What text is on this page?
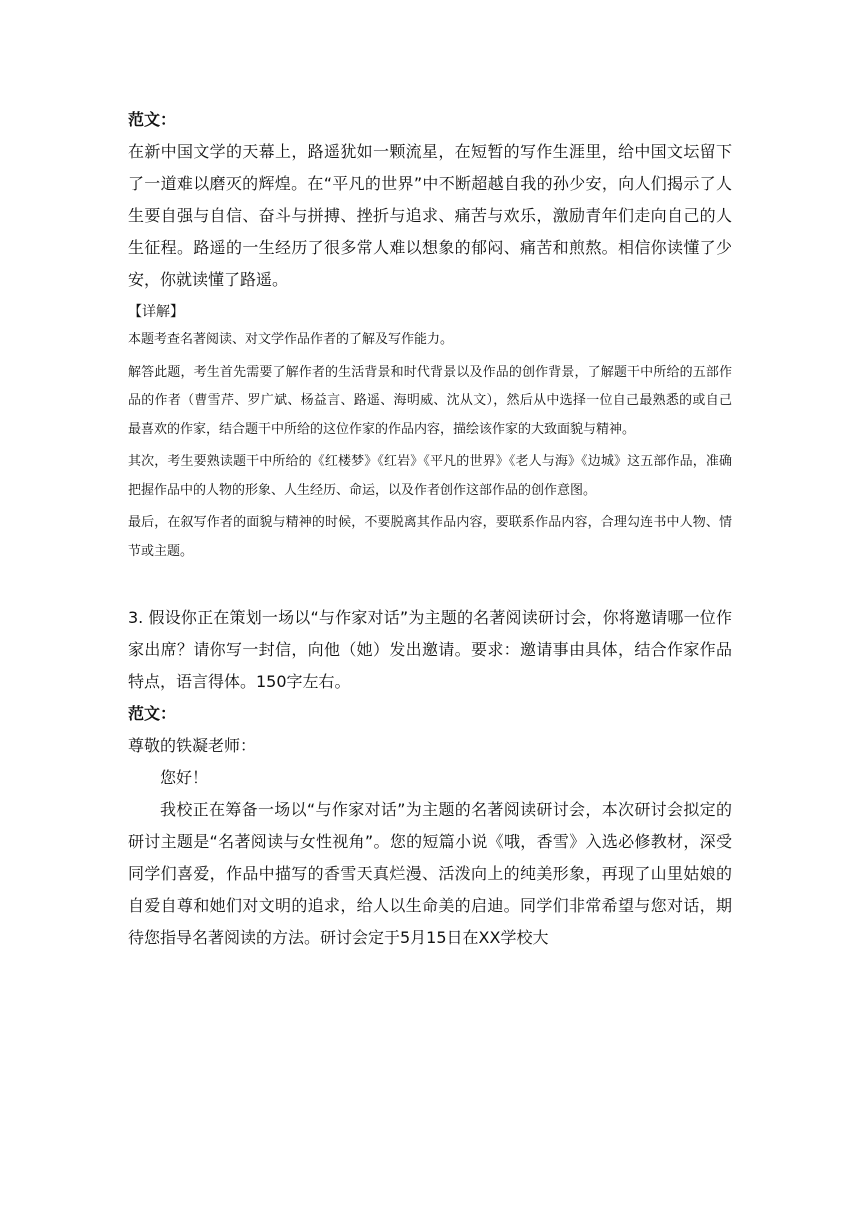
范文：

在新中国文学的天幕上，路遥犹如一颗流星，在短暂的写作生涯里，给中国文坛留下了一道难以磨灭的辉煌。在“平凡的世界”中不断超越自我的孙少安，向人们揭示了人生要自强与自信、奋斗与拼搏、挫折与追求、痛苦与欢乐，激励青年们走向自己的人生征程。路遥的一生经历了很多常人难以想象的郁闷、痛苦和煎熬。相信你读懂了少安，你就读懂了路遥。

【详解】

本题考查名著阅读、对文学作品作者的了解及写作能力。

解答此题，考生首先需要了解作者的生活背景和时代背景以及作品的创作背景，了解题干中所给的五部作品的作者（曹雪芹、罗广斌、杨益言、路遥、海明威、沈从文），然后从中选择一位自己最熟悉的或自己最喜欢的作家，结合题干中所给的这位作家的作品内容，描绘该作家的大致面貌与精神。

其次，考生要熟读题干中所给的《红楼梦》《红岩》《平凡的世界》《老人与海》《边城》这五部作品，准确把握作品中的人物的形象、人生经历、命运，以及作者创作这部作品的创作意图。

最后，在叙写作者的面貌与精神的时候，不要脱离其作品内容，要联系作品内容，合理勾连书中人物、情节或主题。

3. 假设你正在策划一场以“与作家对话”为主题的名著阅读研讨会，你将邀请哪一位作家出席？请你写一封信，向他（她）发出邀请。要求：邀请事由具体，结合作家作品特点，语言得体。150字左右。

范文：

尊敬的铁凝老师：

您好！

我校正在筹备一场以“与作家对话”为主题的名著阅读研讨会，本次研讨会拟定的研讨主题是“名著阅读与女性视角”。您的短篇小说《哦，香雪》入选必修教材，深受同学们喜爱，作品中描写的香雪天真烂漫、活泼向上的纯美形象，再现了山里姑娘的自爱自尊和她们对文明的追求，给人以生命美的启迪。同学们非常希望与您对话，期待您指导名著阅读的方法。研讨会定于5月15日在XX学校大
